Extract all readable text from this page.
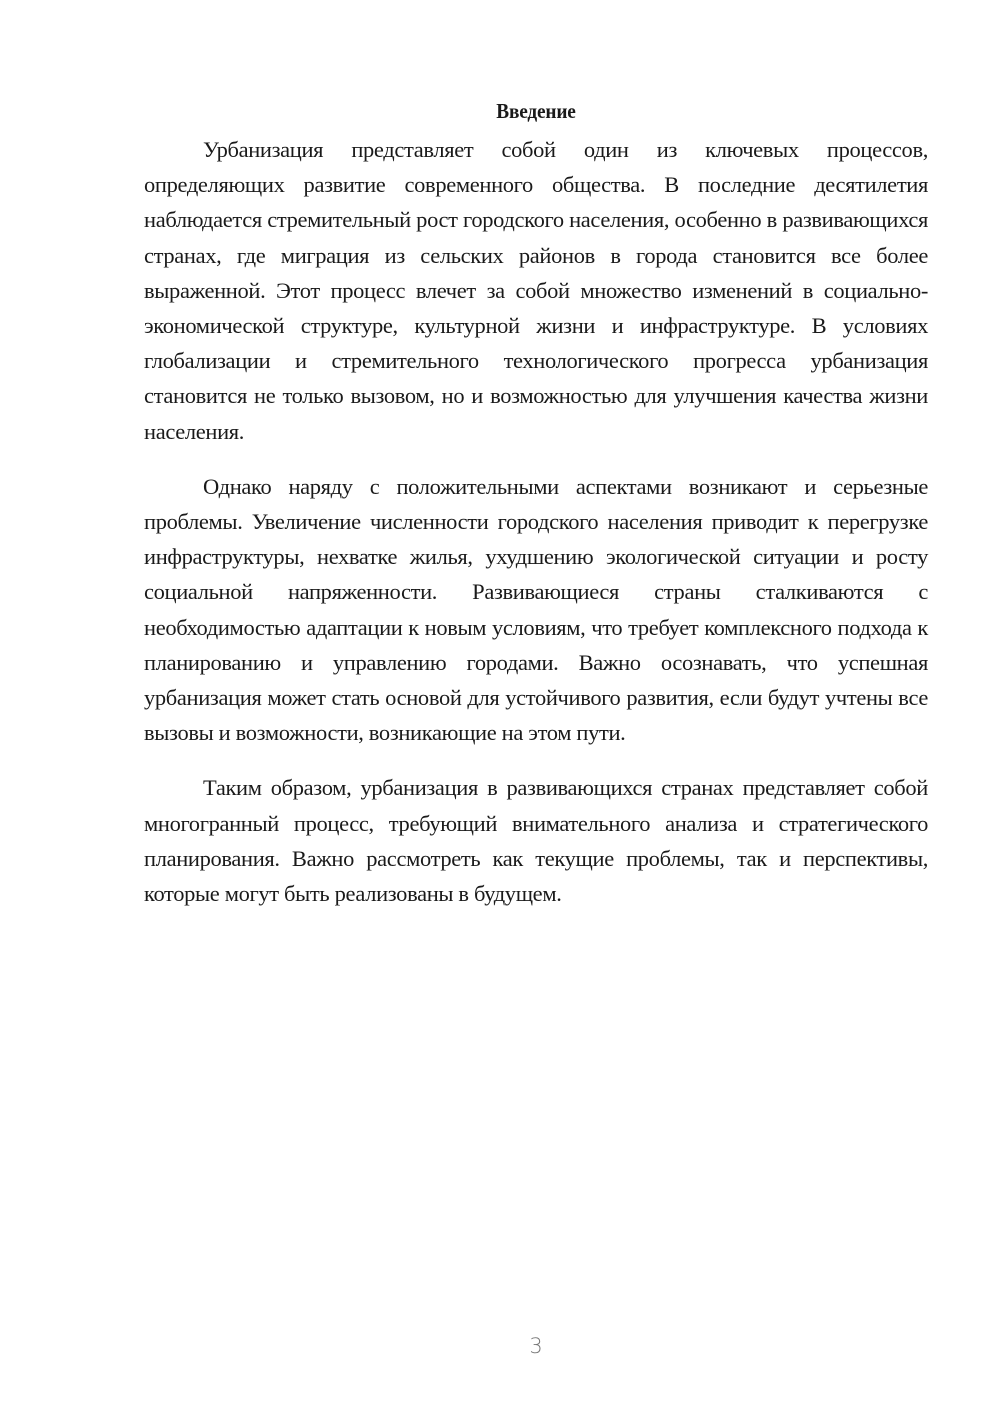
Введение

Урбанизация представляет собой один из ключевых процессов, определяющих развитие современного общества. В последние десятилетия наблюдается стремительный рост городского населения, особенно в развивающихся странах, где миграция из сельских районов в города становится все более выраженной. Этот процесс влечет за собой множество изменений в социально-экономической структуре, культурной жизни и инфраструктуре. В условиях глобализации и стремительного технологического прогресса урбанизация становится не только вызовом, но и возможностью для улучшения качества жизни населения.

Однако наряду с положительными аспектами возникают и серьезные проблемы. Увеличение численности городского населения приводит к перегрузке инфраструктуры, нехватке жилья, ухудшению экологической ситуации и росту социальной напряженности. Развивающиеся страны сталкиваются с необходимостью адаптации к новым условиям, что требует комплексного подхода к планированию и управлению городами. Важно осознавать, что успешная урбанизация может стать основой для устойчивого развития, если будут учтены все вызовы и возможности, возникающие на этом пути.

Таким образом, урбанизация в развивающихся странах представляет собой многогранный процесс, требующий внимательного анализа и стратегического планирования. Важно рассмотреть как текущие проблемы, так и перспективы, которые могут быть реализованы в будущем.

3
